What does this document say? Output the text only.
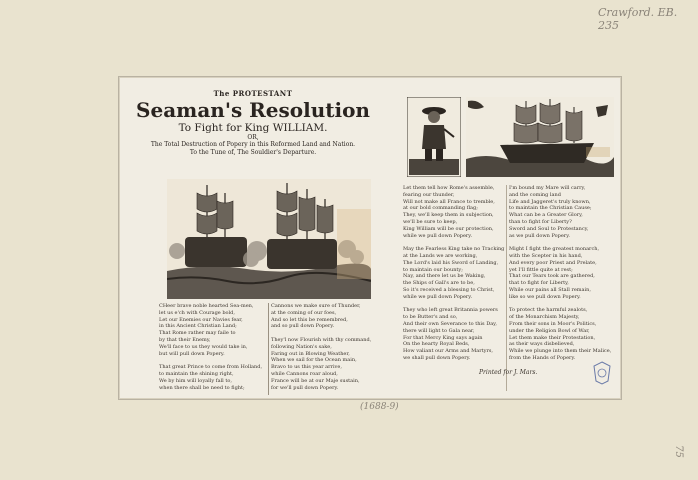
Crawford. EB. 235
(1688-9)
75
The PROTESTANT
Seaman's Resolution
To Fight for King WILLIAM.
OR,
The Total Destruction of Popery in this Reformed Land and Nation.
To the Tune of, The Souldier's Departure.
CHeer brave noble hearted Sea-men,
let us e'ch with Courage bold,
Let our Enemies our Navies fear,
in this Ancient Christian Land;
That Rome rather may faile to
by that their Enemy,
We'll face to us they would take in,
but will pull down Popery.

That great Prince to come from Holland,
to maintain the shining right,
We by him will loyally fall to,
when there shall be need to fight;
Cannons we make sure of Thunder,
at the coming of our foes,
And so let this be remembred,
and so pull down Popery.

They'l now Flourish with thy command,
following Nation's sake,
Faring out in Blowing Weather,
When we sail for the Ocean main,
Bravo to us this year arrive,
while Cannons roar aloud,
France will be at our Maje sustain,
for we'll pull down Popery.
Let them tell how Rome's assemble,
fearing our thunder,
Will not make all France to tremble,
at our bold commanding flag;
They, we'll keep them in subjection,
we'll be sure to keep,
King William will be our protection,
while we pull down Popery.

May the Fearless King take no Tracking
at the Lands we are working,
The Lord's laid his Sword of Landing,
to maintain our bounty;
Nay, and there let us be Waking,
the Ships of Gall's are to be,
So it's received a blessing to Christ,
while we pull down Popery.

They who left great Britannia powers
to be Butter's and so,
And their own Severance to this Day,
there will light to Gala near,
For that Mercy King says again
On the hearty Royal Beds,
How valiant our Arms and Martyrs,
we shall pull down Popery.
I'm bound my Mare will carry,
and the coming land
Life and Jaggeret's truly known,
to maintain the Christian Cause;
What can be a Greater Glory,
than to fight for Liberty?
Sword and Soul to Protestancy,
as we pull down Popery.

Might I fight the greatest monarch,
with the Scepter in his hand,
And every poor Priest and Prelate,
yet I'll fittle quite at rest;
That our Tears took are gathered,
that to fight for Liberty,
While our pains all Stall remain,
like so we pull down Popery.

To protect the harmful zealots,
of the Monarchism Majesty,
From their sons in Moor's Politics,
under the Religion Bowl of War,
Let them make their Protestation,
as their ways disbelieved,
While we plunge into them their Malice,
from the Hands of Popery.
Printed for J. Mars.
